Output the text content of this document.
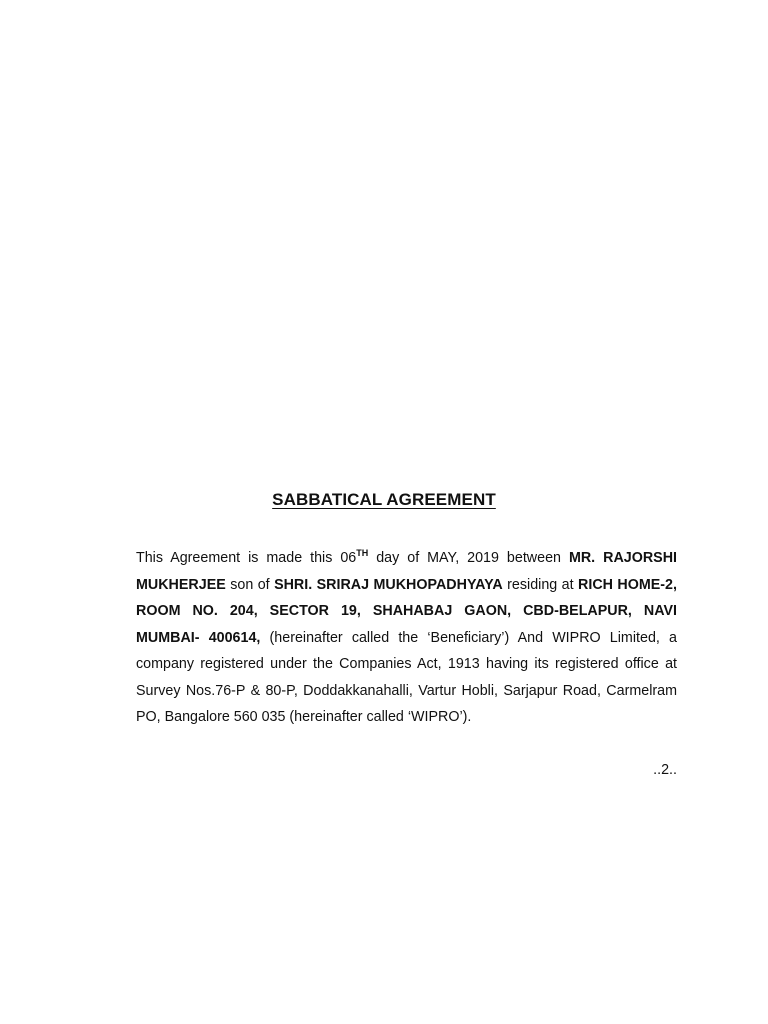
SABBATICAL AGREEMENT
This Agreement is made this 06TH day of MAY, 2019 between MR. RAJORSHI MUKHERJEE son of SHRI. SRIRAJ MUKHOPADHYAYA residing at RICH HOME-2, ROOM NO. 204, SECTOR 19, SHAHABAJ GAON, CBD-BELAPUR, NAVI MUMBAI- 400614, (hereinafter called the ‘Beneficiary’) And WIPRO Limited, a company registered under the Companies Act, 1913 having its registered office at Survey Nos.76-P & 80-P, Doddakkanahalli, Vartur Hobli, Sarjapur Road, Carmelram PO, Bangalore 560 035 (hereinafter called ‘WIPRO’).
..2..
